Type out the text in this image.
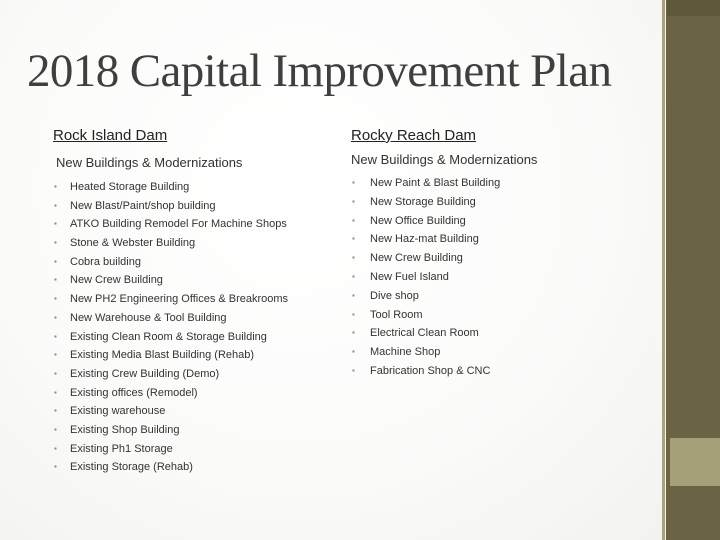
2018 Capital Improvement Plan
Rock Island Dam
New Buildings & Modernizations
▪ Heated Storage Building
▪ New Blast/Paint/shop building
▪ ATKO Building Remodel For Machine Shops
▪ Stone & Webster Building
▪ Cobra building
▪ New Crew Building
▪ New PH2 Engineering Offices & Breakrooms
▪ New Warehouse & Tool Building
▪ Existing Clean Room & Storage Building
▪ Existing Media Blast Building (Rehab)
▪ Existing Crew Building (Demo)
▪ Existing offices (Remodel)
▪ Existing warehouse
▪ Existing Shop Building
▪ Existing Ph1 Storage
▪ Existing Storage (Rehab)
Rocky Reach Dam
New Buildings & Modernizations
▪ New Paint & Blast Building
▪ New Storage Building
▪ New Office Building
▪ New Haz-mat Building
▪ New Crew Building
▪ New Fuel Island
▪ Dive shop
▪ Tool Room
▪ Electrical Clean Room
▪ Machine Shop
▪ Fabrication Shop & CNC
